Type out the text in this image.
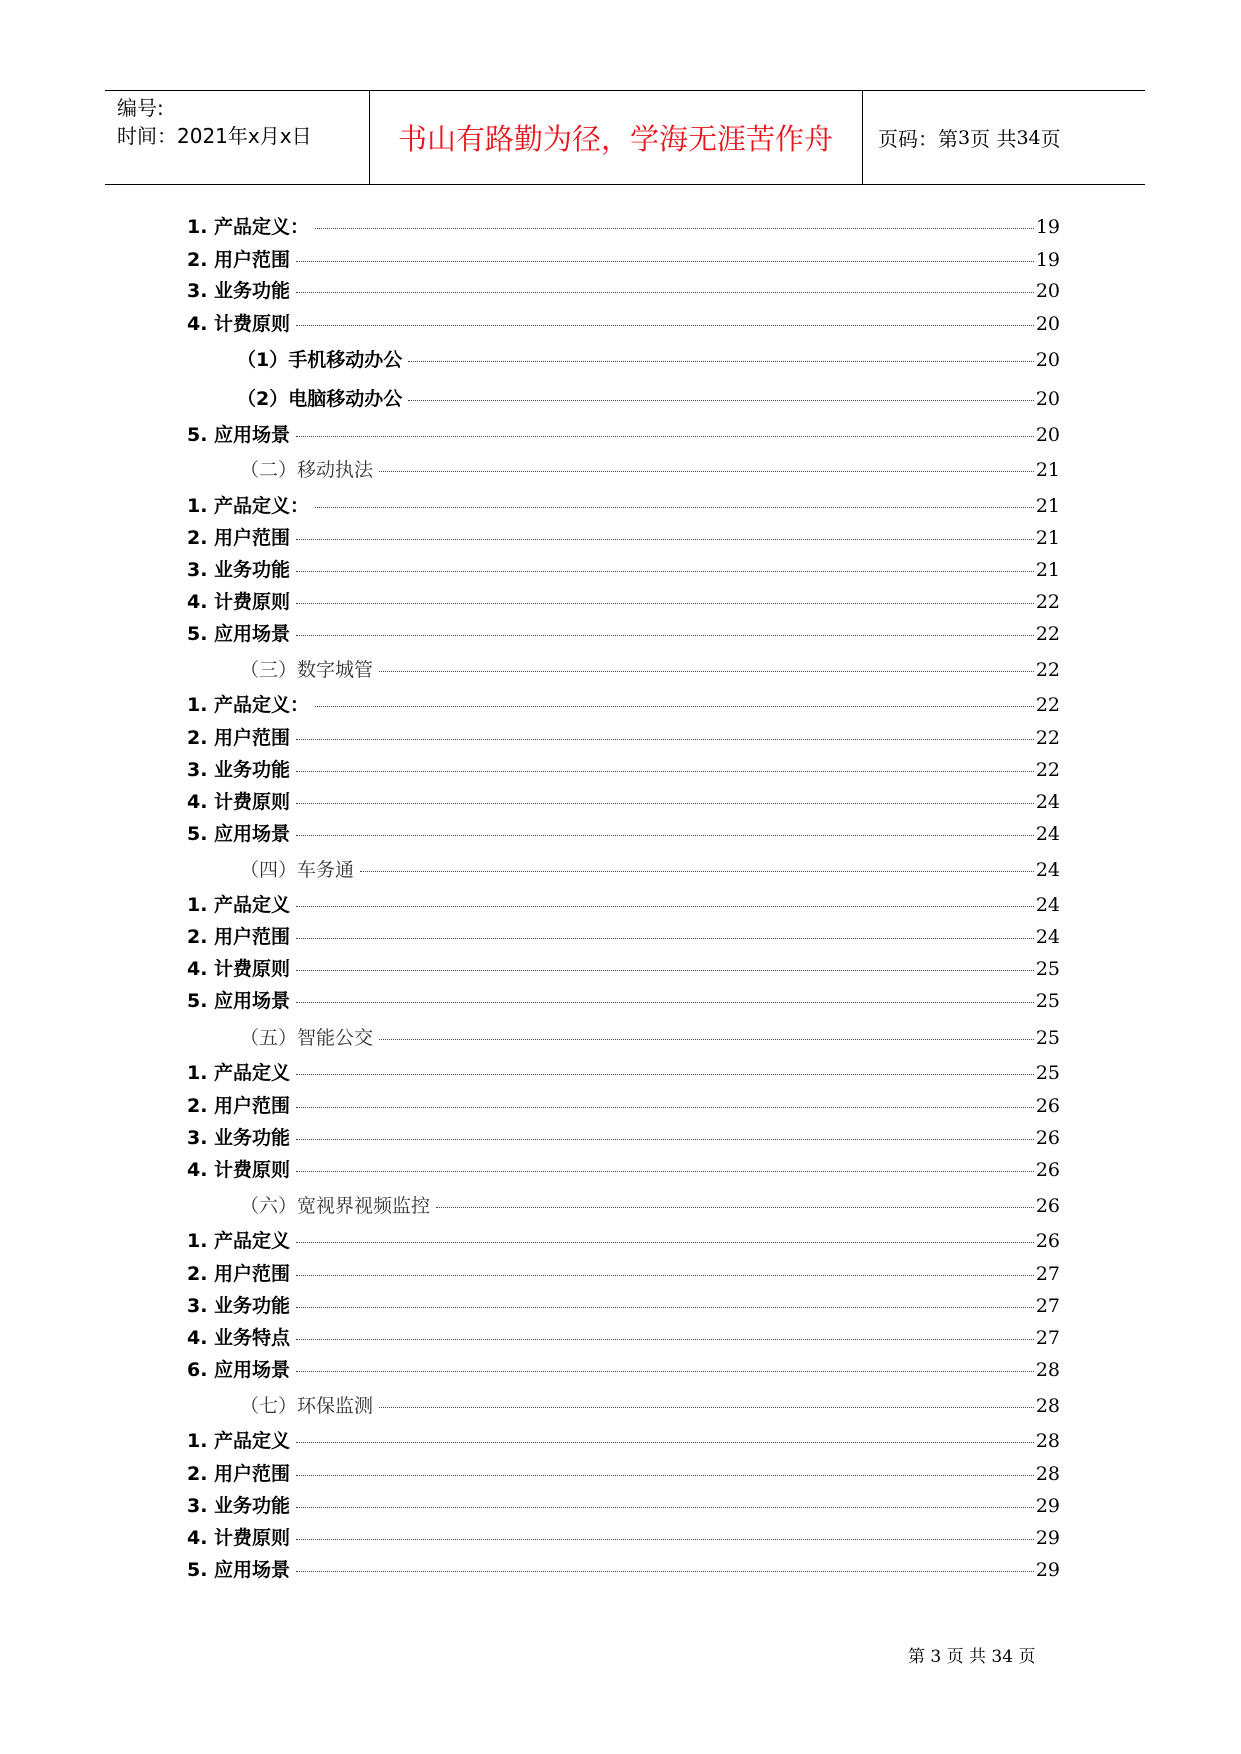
编号:
时间：2021年x月x日	书山有路勤为径，学海无涯苦作舟	页码：第 3 页 共 34 页
1. 产品定义：	19
2. 用户范围	19
3. 业务功能	20
4. 计费原则	20
（1）手机移动办公	20
（2）电脑移动办公	20
5. 应用场景	20
（二）移动执法	21
1. 产品定义：	21
2. 用户范围	21
3. 业务功能	21
4. 计费原则	22
5. 应用场景	22
（三）数字城管	22
1. 产品定义：	22
2. 用户范围	22
3. 业务功能	22
4. 计费原则	24
5. 应用场景	24
（四）车务通	24
1. 产品定义	24
2. 用户范围	24
4. 计费原则	25
5. 应用场景	25
（五）智能公交	25
1. 产品定义	25
2. 用户范围	26
3. 业务功能	26
4. 计费原则	26
（六）宽视界视频监控	26
1. 产品定义	26
2. 用户范围	27
3. 业务功能	27
4. 业务特点	27
6. 应用场景	28
（七）环保监测	28
1. 产品定义	28
2. 用户范围	28
3. 业务功能	29
4. 计费原则	29
5. 应用场景	29
第 3 页 共 34 页
